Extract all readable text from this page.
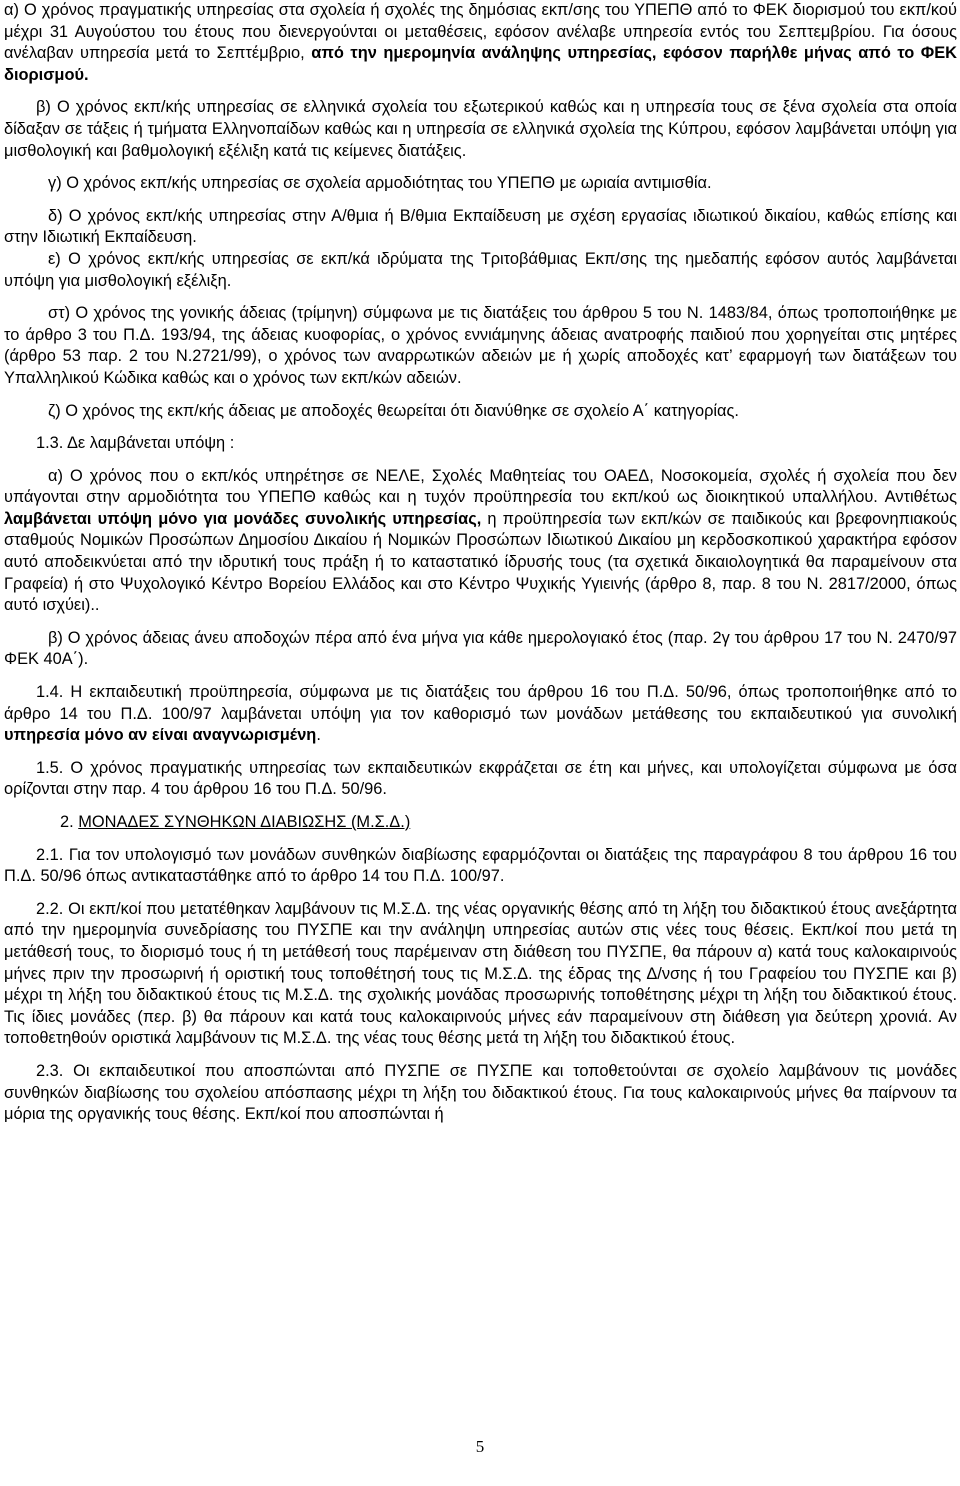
α) Ο χρόνος πραγματικής υπηρεσίας στα σχολεία ή σχολές της δημόσιας εκπ/σης του ΥΠΕΠΘ από το ΦΕΚ διορισμού του εκπ/κού μέχρι 31 Αυγούστου του έτους που διενεργούνται οι μεταθέσεις, εφόσον ανέλαβε υπηρεσία εντός του Σεπτεμβρίου. Για όσους ανέλαβαν υπηρεσία μετά το Σεπτέμβριο, από την ημερομηνία ανάληψης υπηρεσίας, εφόσον παρήλθε μήνας από το ΦΕΚ διορισμού.

β) Ο χρόνος εκπ/κής υπηρεσίας σε ελληνικά σχολεία του εξωτερικού καθώς και η υπηρεσία τους σε ξένα σχολεία στα οποία δίδαξαν σε τάξεις ή τμήματα Ελληνοπαίδων καθώς και η υπηρεσία σε ελληνικά σχολεία της Κύπρου, εφόσον λαμβάνεται υπόψη για μισθολογική και βαθμολογική εξέλιξη κατά τις κείμενες διατάξεις.

γ) Ο χρόνος εκπ/κής υπηρεσίας σε σχολεία αρμοδιότητας του ΥΠΕΠΘ με ωριαία αντιμισθία.

δ) Ο χρόνος εκπ/κής υπηρεσίας στην Α/θμια ή Β/θμια Εκπαίδευση με σχέση εργασίας ιδιωτικού δικαίου, καθώς επίσης και στην Ιδιωτική Εκπαίδευση.

ε) Ο χρόνος εκπ/κής υπηρεσίας σε εκπ/κά ιδρύματα της Τριτοβάθμιας Εκπ/σης της ημεδαπής εφόσον αυτός λαμβάνεται υπόψη για μισθολογική εξέλιξη.

στ) Ο χρόνος της γονικής άδειας (τρίμηνη) σύμφωνα με τις διατάξεις του άρθρου 5 του Ν. 1483/84, όπως τροποποιήθηκε με το άρθρο 3 του Π.Δ. 193/94, της άδειας κυοφορίας, ο χρόνος εννιάμηνης άδειας ανατροφής παιδιού που χορηγείται στις μητέρες (άρθρο 53 παρ. 2 του Ν.2721/99), ο χρόνος των αναρρωτικών αδειών με ή χωρίς αποδοχές κατ’ εφαρμογή των διατάξεων του Υπαλληλικού Κώδικα καθώς και ο χρόνος των εκπ/κών αδειών.

ζ) Ο χρόνος της εκπ/κής άδειας με αποδοχές θεωρείται ότι διανύθηκε σε σχολείο Α΄ κατηγορίας.

1.3. Δε λαμβάνεται υπόψη :

α) Ο χρόνος που ο εκπ/κός υπηρέτησε σε ΝΕΛΕ, Σχολές Μαθητείας του ΟΑΕΔ, Νοσοκομεία, σχολές ή σχολεία που δεν υπάγονται στην αρμοδιότητα του ΥΠΕΠΘ καθώς και η τυχόν προϋπηρεσία του εκπ/κού ως διοικητικού υπαλλήλου. Αντιθέτως λαμβάνεται υπόψη μόνο για μονάδες συνολικής υπηρεσίας, η προϋπηρεσία των εκπ/κών σε παιδικούς και βρεφονηπιακούς σταθμούς Νομικών Προσώπων Δημοσίου Δικαίου ή Νομικών Προσώπων Ιδιωτικού Δικαίου μη κερδοσκοπικού χαρακτήρα εφόσον αυτό αποδεικνύεται από την ιδρυτική τους πράξη ή το καταστατικό ίδρυσής τους (τα σχετικά δικαιολογητικά θα παραμείνουν στα Γραφεία) ή στο Ψυχολογικό Κέντρο Βορείου Ελλάδος και στο Κέντρο Ψυχικής Υγιεινής (άρθρο 8, παρ. 8 του Ν. 2817/2000, όπως αυτό ισχύει)..

β) Ο χρόνος άδειας άνευ αποδοχών πέρα από ένα μήνα για κάθε ημερολογιακό έτος (παρ. 2γ του άρθρου 17 του Ν. 2470/97 ΦΕΚ 40Α΄).

1.4. Η εκπαιδευτική προϋπηρεσία, σύμφωνα με τις διατάξεις του άρθρου 16 του Π.Δ. 50/96, όπως τροποποιήθηκε από το άρθρο 14 του Π.Δ. 100/97 λαμβάνεται υπόψη για τον καθορισμό των μονάδων μετάθεσης του εκπαιδευτικού για συνολική υπηρεσία μόνο αν είναι αναγνωρισμένη.

1.5. Ο χρόνος πραγματικής υπηρεσίας των εκπαιδευτικών εκφράζεται σε έτη και μήνες, και υπολογίζεται σύμφωνα με όσα ορίζονται στην παρ. 4 του άρθρου 16 του Π.Δ. 50/96.

2. ΜΟΝΑΔΕΣ ΣΥΝΘΗΚΩΝ ΔΙΑΒΙΩΣΗΣ (Μ.Σ.Δ.)

2.1. Για τον υπολογισμό των μονάδων συνθηκών διαβίωσης εφαρμόζονται οι διατάξεις της παραγράφου 8 του άρθρου 16 του Π.Δ. 50/96 όπως αντικαταστάθηκε από το άρθρο 14 του Π.Δ. 100/97.

2.2. Οι εκπ/κοί που μετατέθηκαν λαμβάνουν τις Μ.Σ.Δ. της νέας οργανικής θέσης από τη λήξη του διδακτικού έτους ανεξάρτητα από την ημερομηνία συνεδρίασης του ΠΥΣΠΕ και την ανάληψη υπηρεσίας αυτών στις νέες τους θέσεις. Εκπ/κοί που μετά τη μετάθεσή τους, το διορισμό τους ή τη μετάθεσή τους παρέμειναν στη διάθεση του ΠΥΣΠΕ, θα πάρουν α) κατά τους καλοκαιρινούς μήνες πριν την προσωρινή ή οριστική τους τοποθέτησή τους τις Μ.Σ.Δ. της έδρας της Δ/νσης ή του Γραφείου του ΠΥΣΠΕ και β) μέχρι τη λήξη του διδακτικού έτους τις Μ.Σ.Δ. της σχολικής μονάδας προσωρινής τοποθέτησης μέχρι τη λήξη του διδακτικού έτους. Τις ίδιες μονάδες (περ. β) θα πάρουν και κατά τους καλοκαιρινούς μήνες εάν παραμείνουν στη διάθεση για δεύτερη χρονιά. Αν τοποθετηθούν οριστικά λαμβάνουν τις Μ.Σ.Δ. της νέας τους θέσης μετά τη λήξη του διδακτικού έτους.

2.3. Οι εκπαιδευτικοί που αποσπώνται από ΠΥΣΠΕ σε ΠΥΣΠΕ και τοποθετούνται σε σχολείο λαμβάνουν τις μονάδες συνθηκών διαβίωσης του σχολείου απόσπασης μέχρι τη λήξη του διδακτικού έτους. Για τους καλοκαιρινούς μήνες θα παίρνουν τα μόρια της οργανικής τους θέσης. Εκπ/κοί που αποσπώνται ή

5
